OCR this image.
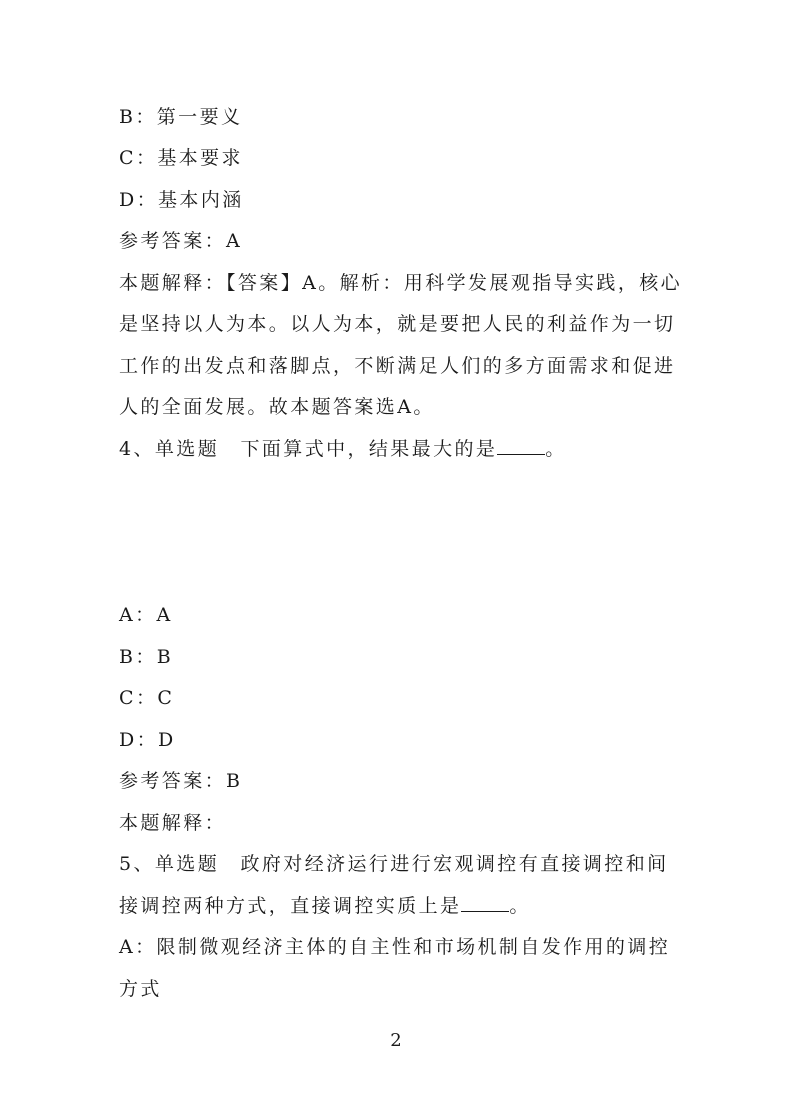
B：第一要义
C：基本要求
D：基本内涵
参考答案：A
本题解释：【答案】A。解析：用科学发展观指导实践，核心
是坚持以人为本。以人为本，就是要把人民的利益作为一切
工作的出发点和落脚点，不断满足人们的多方面需求和促进
人的全面发展。故本题答案选A。
4、单选题　下面算式中，结果最大的是	。
A：A
B：B
C：C
D：D
参考答案：B
本题解释：
5、单选题　政府对经济运行进行宏观调控有直接调控和间
接调控两种方式，直接调控实质上是	。
A：限制微观经济主体的自主性和市场机制自发作用的调控
方式
2
